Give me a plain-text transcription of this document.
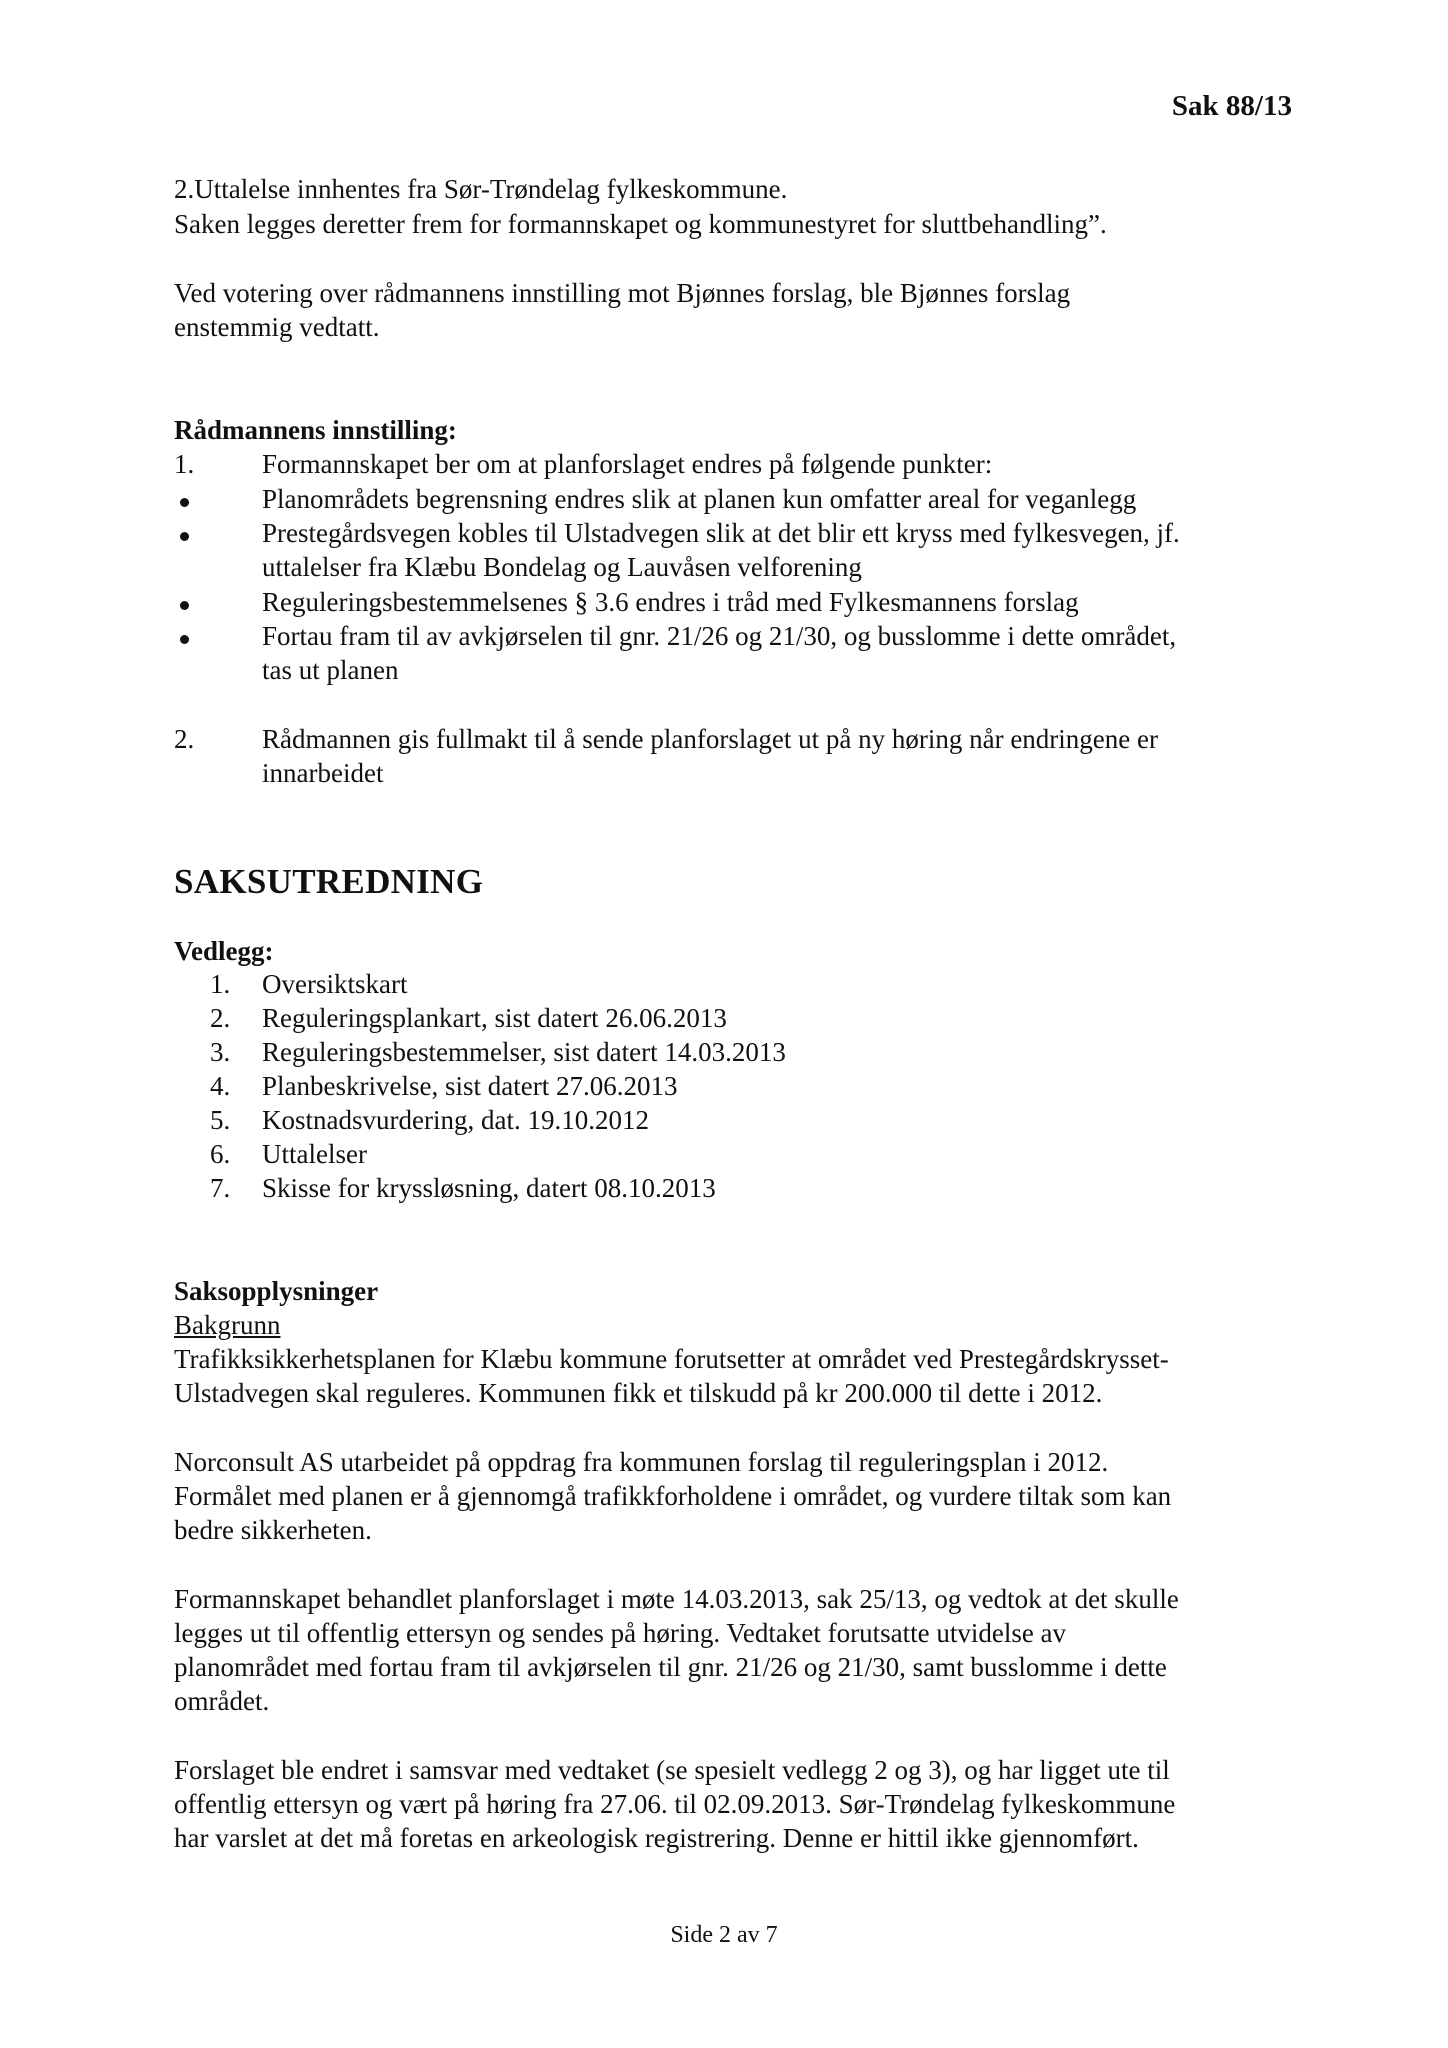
Sak 88/13
2.Uttalelse innhentes fra Sør-Trøndelag fylkeskommune.
Saken legges deretter frem for formannskapet og kommunestyret for sluttbehandling”.
Ved votering over rådmannens innstilling mot Bjønnes forslag, ble Bjønnes forslag
enstemmig vedtatt.
Rådmannens innstilling:
1.	Formannskapet ber om at planforslaget endres på følgende punkter:
Planområdets begrensning endres slik at planen kun omfatter areal for veganlegg
Prestegårdsvegen kobles til Ulstadvegen slik at det blir ett kryss med fylkesvegen, jf.
uttalelser fra Klæbu Bondelag og Lauvåsen velforening
Reguleringsbestemmelsenes § 3.6 endres i tråd med Fylkesmannens forslag
Fortau fram til av avkjørselen til gnr. 21/26 og 21/30, og busslomme i dette området,
tas ut planen
2.	Rådmannen gis fullmakt til å sende planforslaget ut på ny høring når endringene er
innarbeidet
SAKSUTREDNING
Vedlegg:
1. Oversiktskart
2. Reguleringsplankart, sist datert 26.06.2013
3. Reguleringsbestemmelser, sist datert 14.03.2013
4. Planbeskrivelse, sist datert 27.06.2013
5. Kostnadsvurdering, dat. 19.10.2012
6. Uttalelser
7. Skisse for kryssløsning, datert 08.10.2013
Saksopplysninger
Bakgrunn
Trafikksikkerhetsplanen for Klæbu kommune forutsetter at området ved Prestegårdskrysset-
Ulstadvegen skal reguleres. Kommunen fikk et tilskudd på kr 200.000 til dette i 2012.
Norconsult AS utarbeidet på oppdrag fra kommunen forslag til reguleringsplan i 2012.
Formålet med planen er å gjennomgå trafikkforholdene i området, og vurdere tiltak som kan
bedre sikkerheten.
Formannskapet behandlet planforslaget i møte 14.03.2013, sak 25/13, og vedtok at det skulle
legges ut til offentlig ettersyn og sendes på høring. Vedtaket forutsatte utvidelse av
planområdet med fortau fram til avkjørselen til gnr. 21/26 og 21/30, samt busslomme i dette
området.
Forslaget ble endret i samsvar med vedtaket (se spesielt vedlegg 2 og 3), og har ligget ute til
offentlig ettersyn og vært på høring fra 27.06. til 02.09.2013. Sør-Trøndelag fylkeskommune
har varslet at det må foretas en arkeologisk registrering. Denne er hittil ikke gjennomført.
Side 2 av 7
